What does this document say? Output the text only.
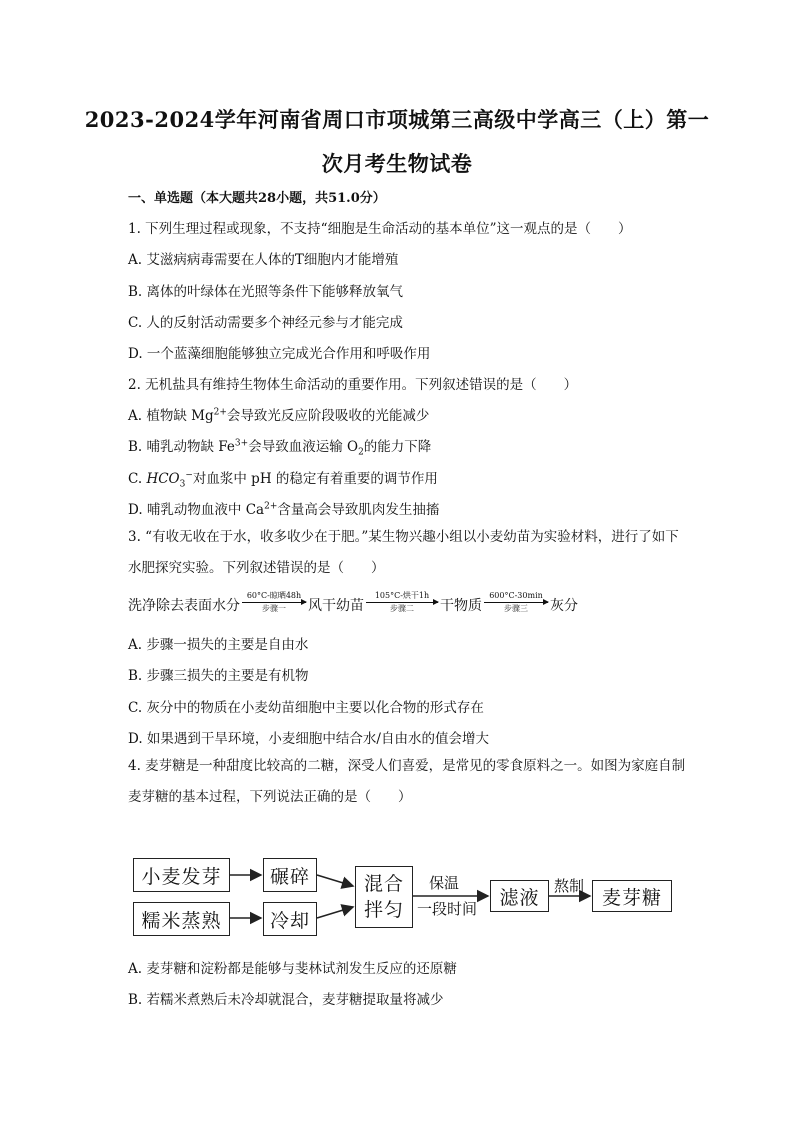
2023-2024学年河南省周口市项城第三高级中学高三（上）第一
次月考生物试卷
一、单选题（本大题共28小题，共51.0分）
1. 下列生理过程或现象，不支持“细胞是生命活动的基本单位”这一观点的是（　　）
A. 艾滋病病毒需要在人体的T细胞内才能增殖
B. 离体的叶绿体在光照等条件下能够释放氧气
C. 人的反射活动需要多个神经元参与才能完成
D. 一个蓝藻细胞能够独立完成光合作用和呼吸作用
2. 无机盐具有维持生物体生命活动的重要作用。下列叙述错误的是（　　）
A. 植物缺 $Mg^{2+}$会导致光反应阶段吸收的光能减少
B. 哺乳动物缺 $Fe^{3+}$会导致血液运输 $O_2$的能力下降
C. $HCO_3^-$对血浆中 pH 的稳定有着重要的调节作用
D. 哺乳动物血液中 $Ca^{2+}$含量高会导致肌肉发生抽搐
3. “有收无收在于水，收多收少在于肥。”某生物兴趣小组以小麦幼苗为实验材料，进行了如下水肥探究实验。下列叙述错误的是（　　）
洗净除去表面水分
60°C-晾晒48h
步骤一 风干幼苗
105°C-烘干1h
步骤二 干物质
600°C-30min
步骤三 灰分
A. 步骤一损失的主要是自由水
B. 步骤三损失的主要是有机物
C. 灰分中的物质在小麦幼苗细胞中主要以化合物的形式存在
D. 如果遇到干旱环境，小麦细胞中结合水/自由水的值会增大
4. 麦芽糖是一种甜度比较高的二糖，深受人们喜爱，是常见的零食原料之一。如图为家庭自制麦芽糖的基本过程，下列说法正确的是（　　）
小麦发芽
糯米蒸熟
碾碎
冷却
混合
拌匀
保温
一段时间
滤液
熬制
麦芽糖
A. 麦芽糖和淀粉都是能够与斐林试剂发生反应的还原糖
B. 若糯米煮熟后未冷却就混合，麦芽糖提取量将减少
